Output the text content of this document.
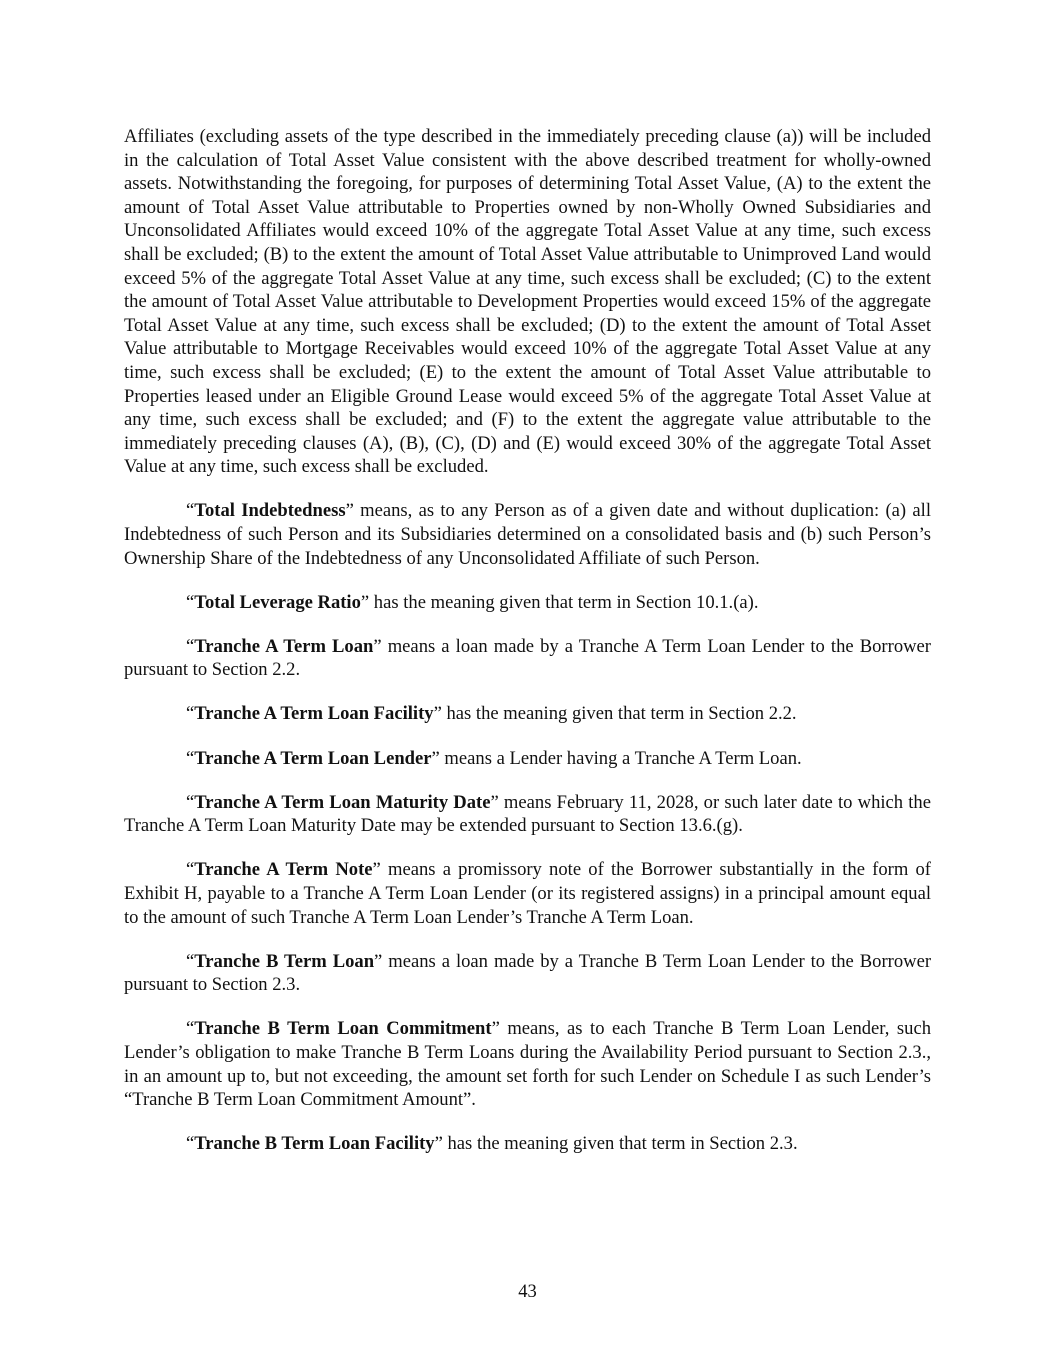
Affiliates (excluding assets of the type described in the immediately preceding clause (a)) will be included in the calculation of Total Asset Value consistent with the above described treatment for wholly-owned assets. Notwithstanding the foregoing, for purposes of determining Total Asset Value, (A) to the extent the amount of Total Asset Value attributable to Properties owned by non-Wholly Owned Subsidiaries and Unconsolidated Affiliates would exceed 10% of the aggregate Total Asset Value at any time, such excess shall be excluded; (B) to the extent the amount of Total Asset Value attributable to Unimproved Land would exceed 5% of the aggregate Total Asset Value at any time, such excess shall be excluded; (C) to the extent the amount of Total Asset Value attributable to Development Properties would exceed 15% of the aggregate Total Asset Value at any time, such excess shall be excluded; (D) to the extent the amount of Total Asset Value attributable to Mortgage Receivables would exceed 10% of the aggregate Total Asset Value at any time, such excess shall be excluded; (E) to the extent the amount of Total Asset Value attributable to Properties leased under an Eligible Ground Lease would exceed 5% of the aggregate Total Asset Value at any time, such excess shall be excluded; and (F) to the extent the aggregate value attributable to the immediately preceding clauses (A), (B), (C), (D) and (E) would exceed 30% of the aggregate Total Asset Value at any time, such excess shall be excluded.

“Total Indebtedness” means, as to any Person as of a given date and without duplication: (a) all Indebtedness of such Person and its Subsidiaries determined on a consolidated basis and (b) such Person’s Ownership Share of the Indebtedness of any Unconsolidated Affiliate of such Person.

“Total Leverage Ratio” has the meaning given that term in Section 10.1.(a).

“Tranche A Term Loan” means a loan made by a Tranche A Term Loan Lender to the Borrower pursuant to Section 2.2.

“Tranche A Term Loan Facility” has the meaning given that term in Section 2.2.

“Tranche A Term Loan Lender” means a Lender having a Tranche A Term Loan.

“Tranche A Term Loan Maturity Date” means February 11, 2028, or such later date to which the Tranche A Term Loan Maturity Date may be extended pursuant to Section 13.6.(g).

“Tranche A Term Note” means a promissory note of the Borrower substantially in the form of Exhibit H, payable to a Tranche A Term Loan Lender (or its registered assigns) in a principal amount equal to the amount of such Tranche A Term Loan Lender’s Tranche A Term Loan.

“Tranche B Term Loan” means a loan made by a Tranche B Term Loan Lender to the Borrower pursuant to Section 2.3.

“Tranche B Term Loan Commitment” means, as to each Tranche B Term Loan Lender, such Lender’s obligation to make Tranche B Term Loans during the Availability Period pursuant to Section 2.3., in an amount up to, but not exceeding, the amount set forth for such Lender on Schedule I as such Lender’s “Tranche B Term Loan Commitment Amount”.

“Tranche B Term Loan Facility” has the meaning given that term in Section 2.3.

43
